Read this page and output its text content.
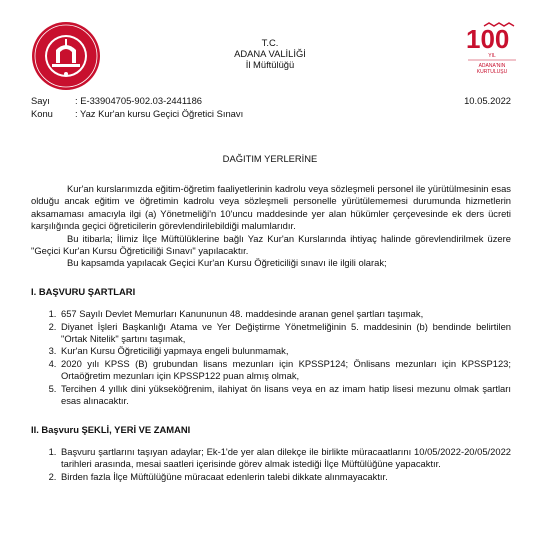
100
YIL
ADANA'NIN
KURTULUŞU
T.C.
ADANA VALİLİĞİ
İl Müftülüğü
Sayı	: E-33904705-902.03-2441186	10.05.2022
Konu	: Yaz Kur'an kursu Geçici Öğretici Sınavı
DAĞITIM YERLERİNE

Kur'an kurslarımızda eğitim-öğretim faaliyetlerinin kadrolu veya sözleşmeli personel ile yürütülmesinin esas olduğu ancak eğitim ve öğretimin kadrolu veya sözleşmeli personelle yürütülememesi durumunda hizmetlerin aksamaması amacıyla ilgi (a) Yönetmeliği'n 10'uncu maddesinde yer alan hükümler çerçevesinde ek ders ücreti karşılığında geçici öğreticilerin görevlendirilebildiği malumlarıdır.

Bu itibarla; İlimiz İlçe Müftülüklerine bağlı Yaz Kur'an Kurslarında ihtiyaç halinde görevlendirilmek üzere "Geçici Kur'an Kursu Öğreticiliği Sınavı" yapılacaktır.

Bu kapsamda yapılacak Geçici Kur'an Kursu Öğreticiliği sınavı ile ilgili olarak;

I. BAŞVURU ŞARTLARI
1. 657 Sayılı Devlet Memurları Kanununun 48. maddesinde aranan genel şartları taşımak,
2. Diyanet İşleri Başkanlığı Atama ve Yer Değiştirme Yönetmeliğinin 5. maddesinin (b) bendinde belirtilen "Ortak Nitelik" şartını taşımak,
3. Kur'an Kursu Öğreticiliği yapmaya engeli bulunmamak,
4. 2020 yılı KPSS (B) grubundan lisans mezunları için KPSSP124; Önlisans mezunları için KPSSP123; Ortaöğretim mezunları için KPSSP122 puan almış olmak,
5. Tercihen 4 yıllık dini yükseköğrenim, ilahiyat ön lisans veya en az imam hatip lisesi mezunu olmak şartları esas alınacaktır.
II. Başvuru ŞEKLİ, YERİ VE ZAMANI
1. Başvuru şartlarını taşıyan adaylar; Ek-1'de yer alan dilekçe ile birlikte müracaatlarını 10/05/2022-20/05/2022 tarihleri arasında, mesai saatleri içerisinde görev almak istediği İlçe Müftülüğüne yapacaktır.
2. Birden fazla İlçe Müftülüğüne müracaat edenlerin talebi dikkate alınmayacaktır.
